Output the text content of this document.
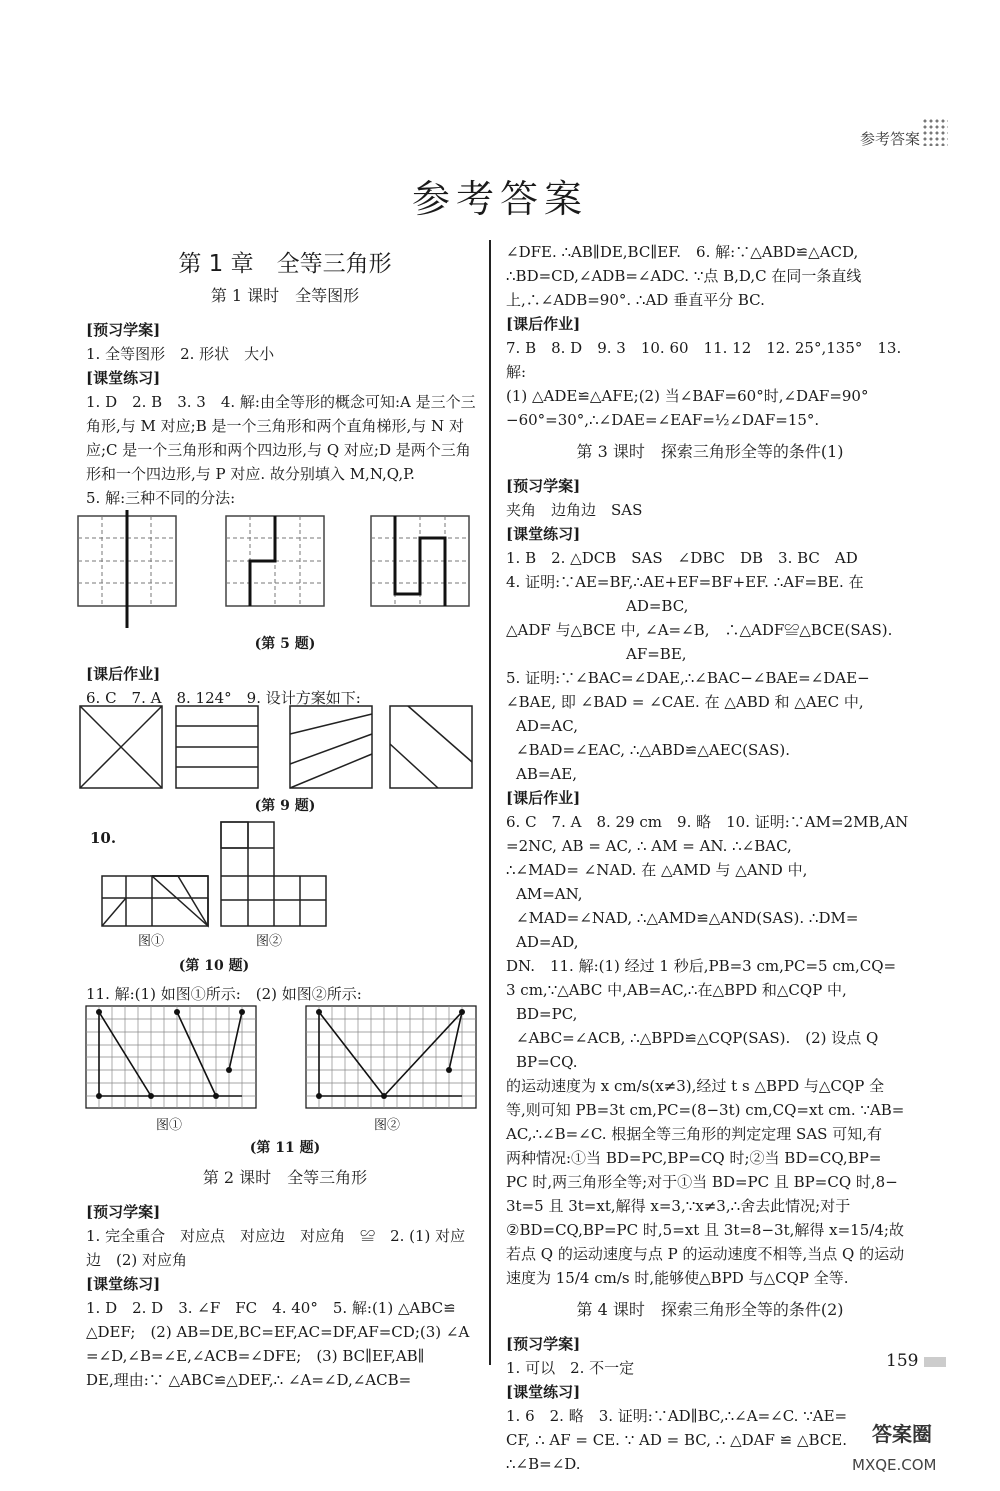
参考答案
参考答案
第 1 章　全等三角形
第 1 课时　全等图形
[预习学案]
1. 全等图形　2. 形状　大小
[课堂练习]
1. D　2. B　3. 3　4. 解:由全等形的概念可知:A 是三个三
角形,与 M 对应;B 是一个三角形和两个直角梯形,与 N 对
应;C 是一个三角形和两个四边形,与 Q 对应;D 是两个三角
形和一个四边形,与 P 对应. 故分别填入 M,N,Q,P.
5. 解:三种不同的分法:
(第 5 题)
[课后作业]
6. C　7. A　8. 124°　9. 设计方案如下:
(第 9 题)
10.
图①	图②
(第 10 题)
11. 解:(1) 如图①所示:　(2) 如图②所示:
图①	图②
(第 11 题)
第 2 课时　全等三角形
[预习学案]
1. 完全重合　对应点　对应边　对应角　≌　2. (1) 对应
边　(2) 对应角
[课堂练习]
1. D　2. D　3. ∠F　FC　4. 40°　5. 解:(1) △ABC≌
△DEF;　(2) AB=DE,BC=EF,AC=DF,AF=CD;(3) ∠A
=∠D,∠B=∠E,∠ACB=∠DFE;　(3) BC∥EF,AB∥
DE,理由:∵ △ABC≌△DEF,∴ ∠A=∠D,∠ACB=
∠DFE. ∴AB∥DE,BC∥EF.　6. 解:∵△ABD≌△ACD,
∴BD=CD,∠ADB=∠ADC. ∵点 B,D,C 在同一条直线
上,∴∠ADB=90°. ∴AD 垂直平分 BC.
[课后作业]
7. B　8. D　9. 3　10. 60　11. 12　12. 25°,135°　13. 解:
(1) △ADE≌△AFE;(2) 当∠BAF=60°时,∠DAF=90°
−60°=30°,∴∠DAE=∠EAF=½∠DAF=15°.
第 3 课时　探索三角形全等的条件(1)
[预习学案]
夹角　边角边　SAS
[课堂练习]
1. B　2. △DCB　SAS　∠DBC　DB　3. BC　AD
4. 证明:∵AE=BF,∴AE+EF=BF+EF. ∴AF=BE. 在
AD=BC,
△ADF 与△BCE 中, ∠A=∠B,　∴△ADF≌△BCE(SAS).
AF=BE,
5. 证明:∵∠BAC=∠DAE,∴∠BAC−∠BAE=∠DAE−
∠BAE, 即 ∠BAD = ∠CAE. 在 △ABD 和 △AEC 中,
AD=AC,
∠BAD=∠EAC, ∴△ABD≌△AEC(SAS).
AB=AE,
[课后作业]
6. C　7. A　8. 29 cm　9. 略　10. 证明:∵AM=2MB,AN
=2NC, AB = AC, ∴ AM = AN. ∴∠BAC,
∴∠MAD= ∠NAD. 在 △AMD 与 △AND 中,
AM=AN,
∠MAD=∠NAD, ∴△AMD≌△AND(SAS). ∴DM=
AD=AD,
DN.　11. 解:(1) 经过 1 秒后,PB=3 cm,PC=5 cm,CQ=
3 cm,∵△ABC 中,AB=AC,∴在△BPD 和△CQP 中,
BD=PC,
∠ABC=∠ACB, ∴△BPD≌△CQP(SAS).　(2) 设点 Q
BP=CQ.
的运动速度为 x cm/s(x≠3),经过 t s △BPD 与△CQP 全
等,则可知 PB=3t cm,PC=(8−3t) cm,CQ=xt cm. ∵AB=
AC,∴∠B=∠C. 根据全等三角形的判定定理 SAS 可知,有
两种情况:①当 BD=PC,BP=CQ 时;②当 BD=CQ,BP=
PC 时,两三角形全等;对于①当 BD=PC 且 BP=CQ 时,8−
3t=5 且 3t=xt,解得 x=3,∵x≠3,∴舍去此情况;对于
②BD=CQ,BP=PC 时,5=xt 且 3t=8−3t,解得 x=15/4;故
若点 Q 的运动速度与点 P 的运动速度不相等,当点 Q 的运动
速度为 15/4 cm/s 时,能够使△BPD 与△CQP 全等.
第 4 课时　探索三角形全等的条件(2)
[预习学案]
1. 可以　2. 不一定
[课堂练习]
1. 6　2. 略　3. 证明:∵AD∥BC,∴∠A=∠C. ∵AE=
CF, ∴ AF = CE. ∵ AD = BC, ∴ △DAF ≌ △BCE.
∴∠B=∠D.
159
答案圈
MXQE.COM
